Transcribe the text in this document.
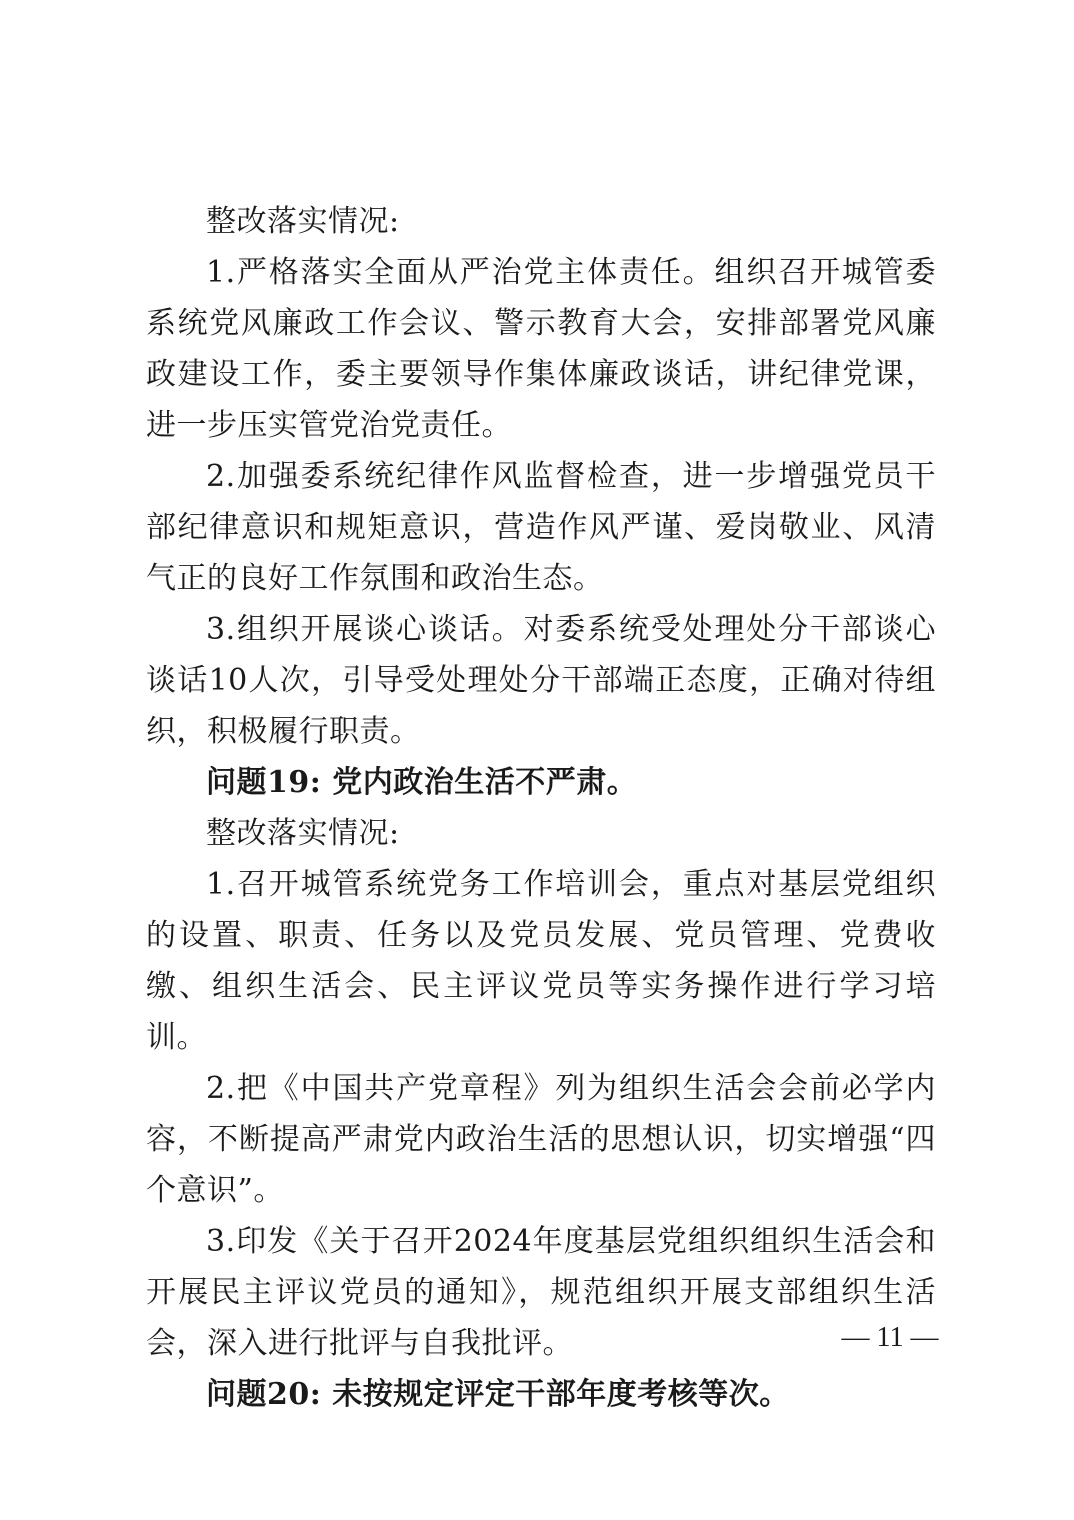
整改落实情况:

1.严格落实全面从严治党主体责任。组织召开城管委系统党风廉政工作会议、警示教育大会，安排部署党风廉政建设工作，委主要领导作集体廉政谈话，讲纪律党课，进一步压实管党治党责任。

2.加强委系统纪律作风监督检查，进一步增强党员干部纪律意识和规矩意识，营造作风严谨、爱岗敬业、风清气正的良好工作氛围和政治生态。

3.组织开展谈心谈话。对委系统受处理处分干部谈心谈话10人次，引导受处理处分干部端正态度，正确对待组织，积极履行职责。

问题19: 党内政治生活不严肃。

整改落实情况:

1.召开城管系统党务工作培训会，重点对基层党组织的设置、职责、任务以及党员发展、党员管理、党费收缴、组织生活会、民主评议党员等实务操作进行学习培训。

2.把《中国共产党章程》列为组织生活会会前必学内容，不断提高严肃党内政治生活的思想认识，切实增强“四个意识”。

3.印发《关于召开2024年度基层党组织组织生活会和开展民主评议党员的通知》，规范组织开展支部组织生活会，深入进行批评与自我批评。

问题20: 未按规定评定干部年度考核等次。

— 11 —
